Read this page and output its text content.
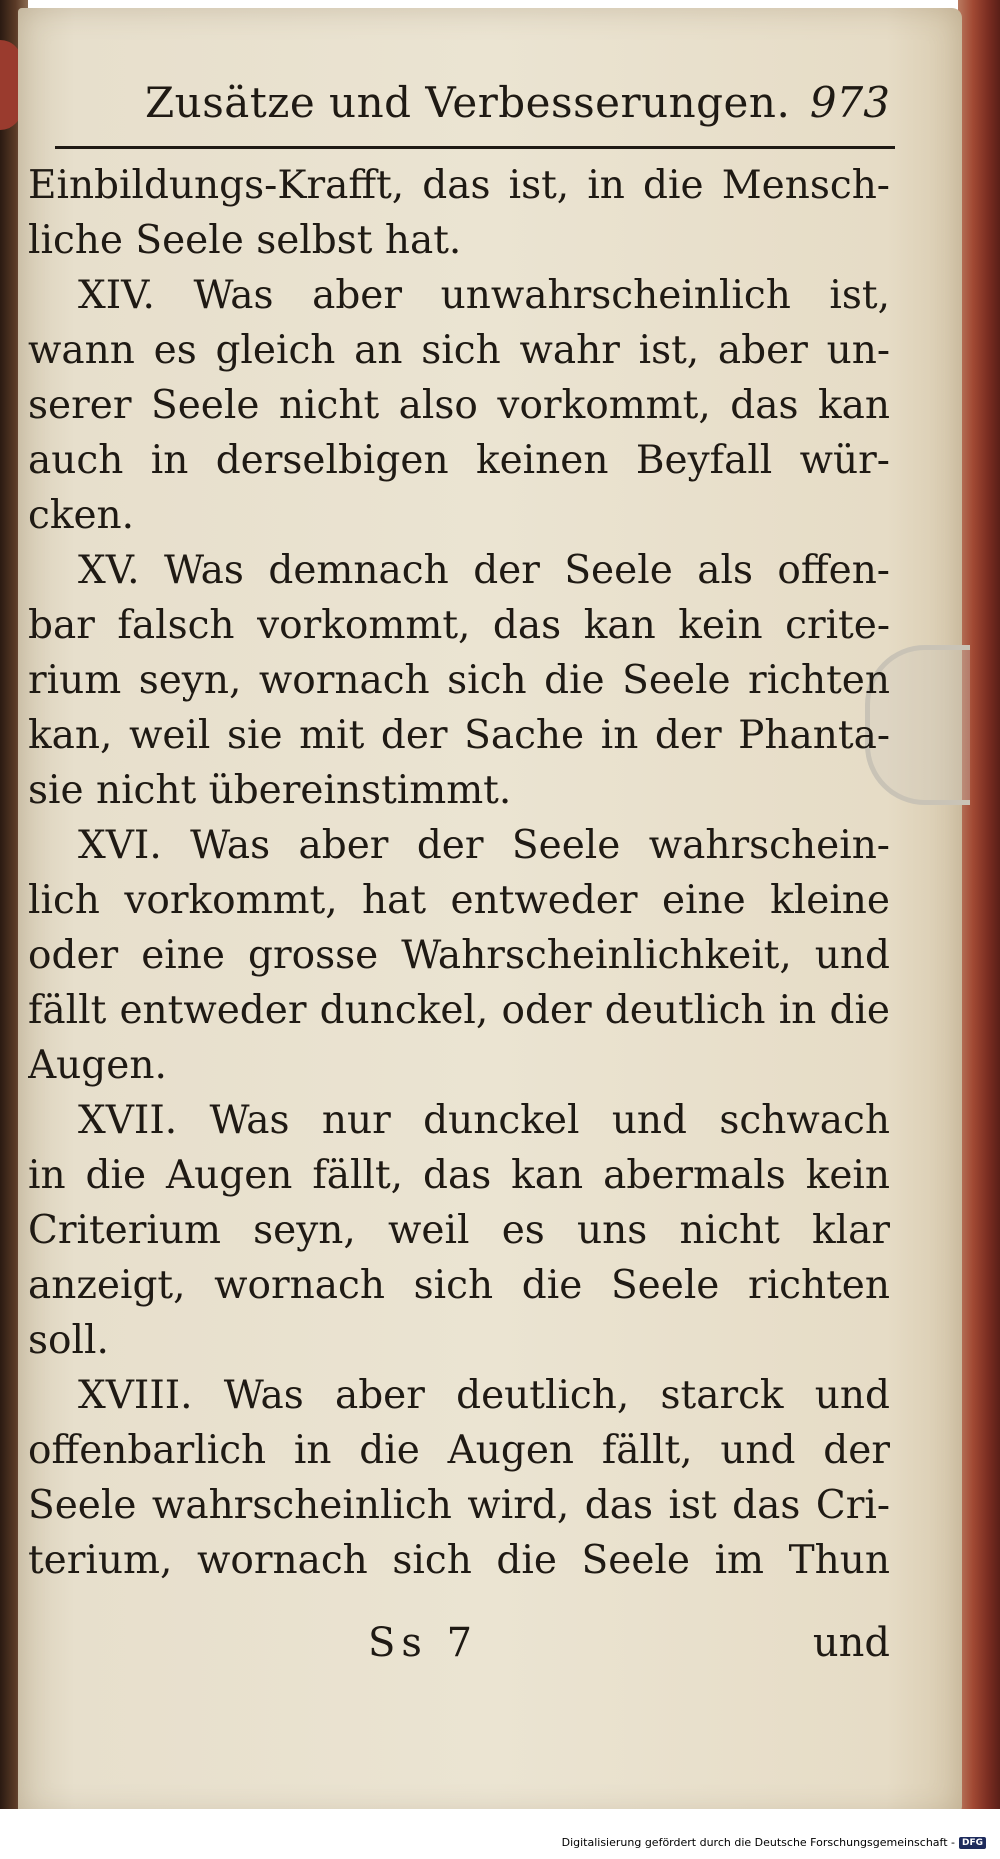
Zusätze und Verbesserungen. 973
Einbildungs-Krafft, das ist, in die Mensch-
liche Seele selbst hat.
XIV. Was aber unwahrscheinlich ist,
wann es gleich an sich wahr ist, aber un-
serer Seele nicht also vorkommt, das kan
auch in derselbigen keinen Beyfall wür-
cken.
XV. Was demnach der Seele als offen-
bar falsch vorkommt, das kan kein crite-
rium seyn, wornach sich die Seele richten
kan, weil sie mit der Sache in der Phanta-
sie nicht übereinstimmt.
XVI. Was aber der Seele wahrschein-
lich vorkommt, hat entweder eine kleine
oder eine grosse Wahrscheinlichkeit, und
fällt entweder dunckel, oder deutlich in die
Augen.
XVII. Was nur dunckel und schwach
in die Augen fällt, das kan abermals kein
Criterium seyn, weil es uns nicht klar
anzeigt, wornach sich die Seele richten
soll.
XVIII. Was aber deutlich, starck und
offenbarlich in die Augen fällt, und der
Seele wahrscheinlich wird, das ist das Cri-
terium, wornach sich die Seele im Thun
Ss 7	und
Digitalisierung gefördert durch die Deutsche Forschungsgemeinschaft - DFG
